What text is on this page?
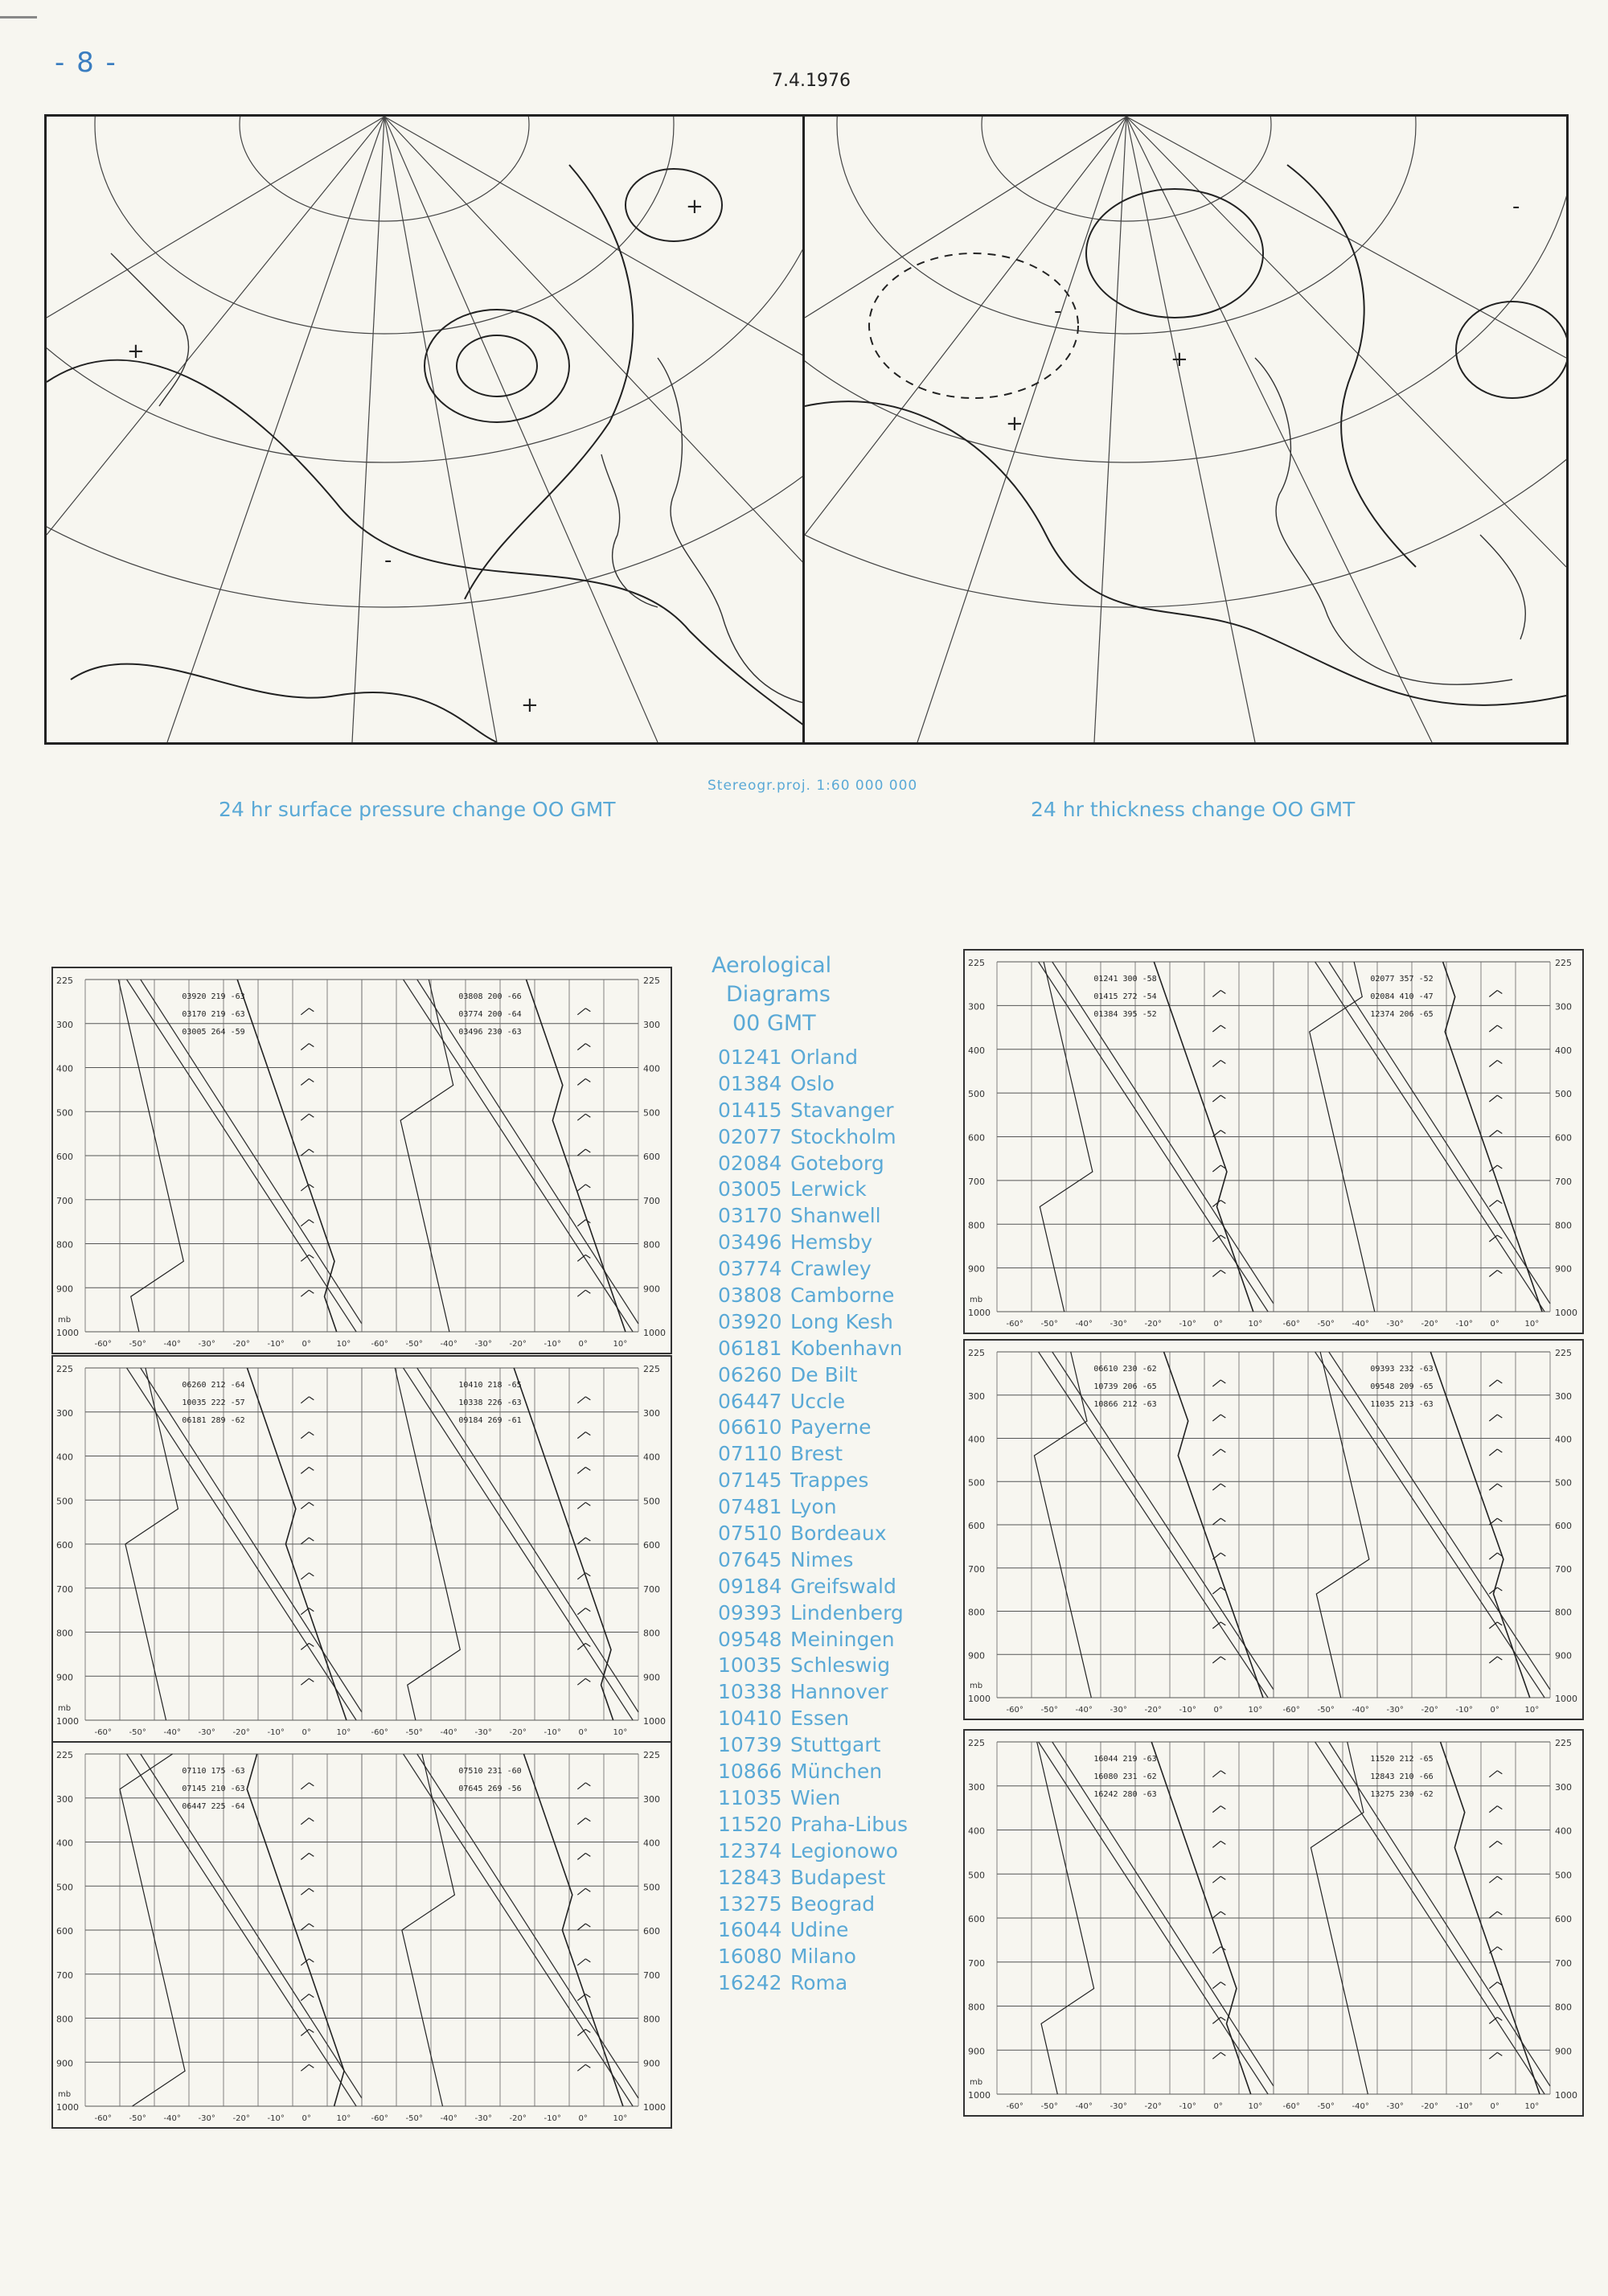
- 8 -
7.4.1976
+
+
+
-
+
+
-
-
24 hr surface pressure change OO GMT
Stereogr.proj. 1:60 000 000
24 hr thickness change OO GMT
225	225
300	300
400	400
500	500
600	600
700	700
800	800
900	900
1000	1000
-60° -50° -40° -30° -20° -10° 0°	10°	-60° -50° -40° -30° -20° -10° 0°	10°
03920 219 -63
03170 219 -63
03005 264 -59
03808 200 -66
03774 200 -64
03496 230 -63
mb
225	225
300	300
400	400
500	500
600	600
700	700
800	800
900	900
1000	1000
-60° -50° -40° -30° -20° -10° 0°	10°	-60° -50° -40° -30° -20° -10° 0°	10°
01241 300 -58
01415 272 -54
01384 395 -52
02077 357 -52
02084 410 -47
12374 206 -65
mb
225	225
300	300
400	400
500	500
600	600
700	700
800	800
900	900
1000	1000
-60° -50° -40° -30° -20° -10° 0°	10°	-60° -50° -40° -30° -20° -10° 0°	10°
06260 212 -64
10035 222 -57
06181 289 -62
10410 218 -65
10338 226 -63
09184 269 -61
mb
225	225
300	300
400	400
500	500
600	600
700	700
800	800
900	900
1000	1000
-60° -50° -40° -30° -20° -10° 0°	10°	-60° -50° -40° -30° -20° -10° 0°	10°
06610 230 -62
10739 206 -65
10866 212 -63
09393 232 -63
09548 209 -65
11035 213 -63
mb
225	225
300	300
400	400
500	500
600	600
700	700
800	800
900	900
1000	1000
-60° -50° -40° -30° -20° -10° 0°	10°	-60° -50° -40° -30° -20° -10° 0°	10°
07110 175 -63
07145 210 -63
06447 225 -64
07510 231 -60
07645 269 -56
mb
225	225
300	300
400	400
500	500
600	600
700	700
800	800
900	900
1000	1000
-60° -50° -40° -30° -20° -10° 0°	10°	-60° -50° -40° -30° -20° -10° 0°	10°
16044 219 -63
16080 231 -62
16242 280 -63
11520 212 -65
12843 210 -66
13275 230 -62
mb
Aerological
Diagrams
00 GMT
01241 Orland
01384 Oslo
01415 Stavanger
02077 Stockholm
02084 Goteborg
03005 Lerwick
03170 Shanwell
03496 Hemsby
03774 Crawley
03808 Camborne
03920 Long Kesh
06181 Kobenhavn
06260 De Bilt
06447 Uccle
06610 Payerne
07110 Brest
07145 Trappes
07481 Lyon
07510 Bordeaux
07645 Nimes
09184 Greifswald
09393 Lindenberg
09548 Meiningen
10035 Schleswig
10338 Hannover
10410 Essen
10739 Stuttgart
10866 München
11035 Wien
11520 Praha-Libus
12374 Legionowo
12843 Budapest
13275 Beograd
16044 Udine
16080 Milano
16242 Roma
